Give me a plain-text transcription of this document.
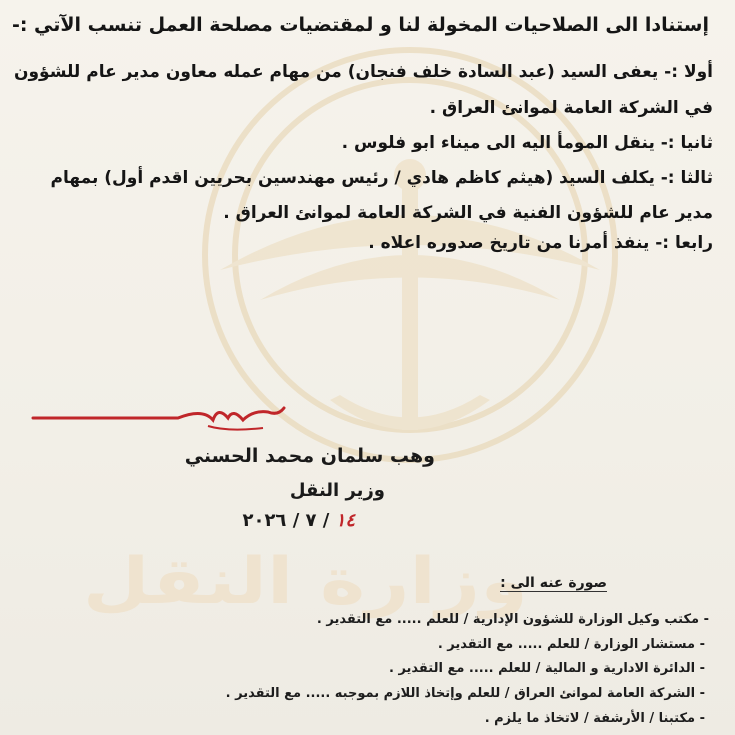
وزارة النقل
إستنادا الى الصلاحيات المخولة لنا و لمقتضيات مصلحة العمل تنسب الآتي :-
أولا :- يعفى السيد (عبد السادة خلف فنجان) من مهام عمله معاون مدير عام للشؤون
في الشركة العامة لموانئ العراق .
ثانيا :- ينقل المومأ اليه الى ميناء ابو فلوس .
ثالثا :- يكلف السيد (هيثم كاظم هادي / رئيس مهندسين بحريين اقدم أول) بمهام
مدير عام للشؤون الفنية في الشركة العامة لموانئ العراق .
رابعا :- ينفذ أمرنا من تاريخ صدوره اعلاه .
وهب سلمان محمد الحسني
وزير النقل
١٤ / ٧ / ٢٠٢٦
صورة عنه الى :
- مكتب وكيل الوزارة للشؤون الإدارية / للعلم ..... مع التقدير .
- مستشار الوزارة / للعلم ..... مع التقدير .
- الدائرة الادارية و المالية / للعلم ..... مع التقدير .
- الشركة العامة لموانئ العراق / للعلم وإتخاذ اللازم بموجبه ..... مع التقدير .
- مكتبنا / الأرشفة / لاتخاذ ما يلزم .
